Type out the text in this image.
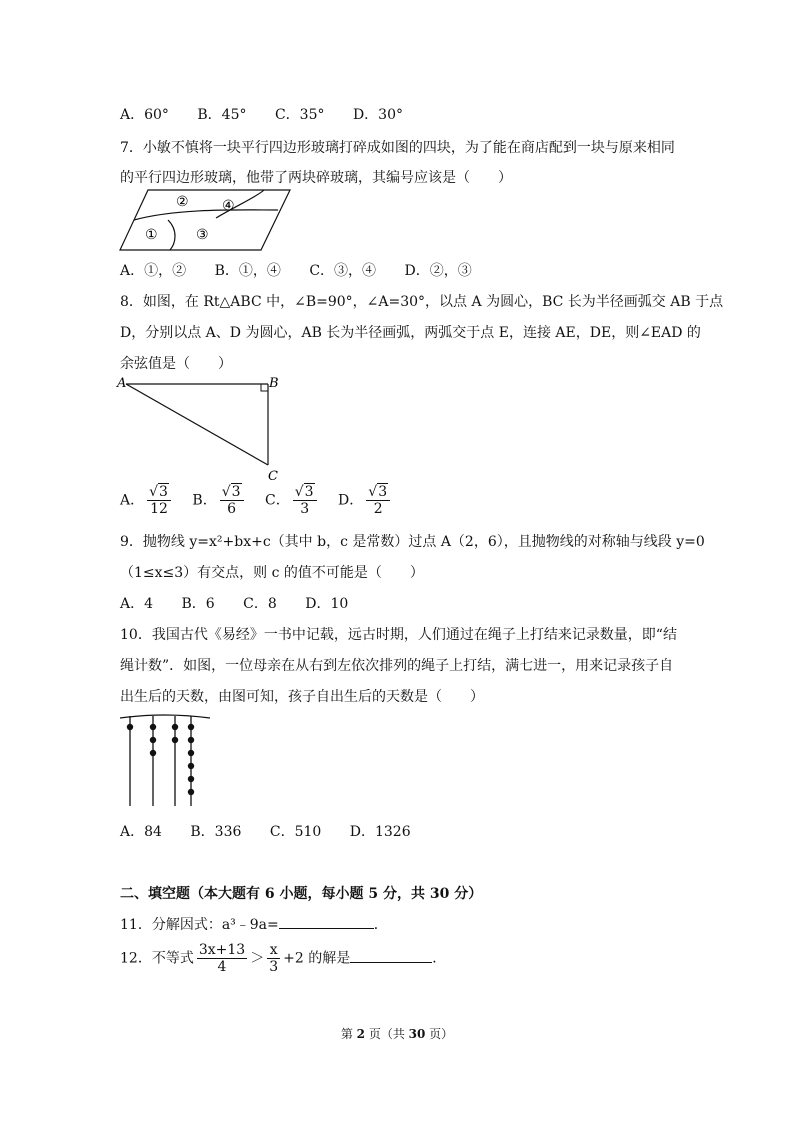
A．60° B．45° C．35° D．30°
7．小敏不慎将一块平行四边形玻璃打碎成如图的四块，为了能在商店配到一块与原来相同
的平行四边形玻璃，他带了两块碎玻璃，其编号应该是（　　）
② ④
①	③
A．①，② B．①，④ C．③，④ D．②，③
8．如图，在 Rt△ABC 中，∠B=90°，∠A=30°，以点 A 为圆心，BC 长为半径画弧交 AB 于点
D，分别以点 A、D 为圆心，AB 长为半径画弧，两弧交于点 E，连接 AE，DE，则∠EAD 的
余弦值是（　　）
A	B
C
A． $\frac{√3}{12}$ B． $\frac{√3}{6}$ C． $\frac{√3}{3}$ D． $\frac{√3}{2}$
9．抛物线 y=x²+bx+c（其中 b，c 是常数）过点 A（2，6），且抛物线的对称轴与线段 y=0
（1≤x≤3）有交点，则 c 的值不可能是（　　）
A．4 B．6 C．8 D．10
10．我国古代《易经》一书中记载，远古时期，人们通过在绳子上打结来记录数量，即“结
绳计数”．如图，一位母亲在从右到左依次排列的绳子上打结，满七进一，用来记录孩子自
出生后的天数，由图可知，孩子自出生后的天数是（　　）
A．84 B．336 C．510 D．1326
二、填空题（本大题有 6 小题，每小题 5 分，共 30 分）
11．分解因式：a³﹣9a=	．
12．不等式 $\frac{3x+13}{4} > \frac{x}{3} +2$ 的解是	．
第 2 页（共 30 页）
